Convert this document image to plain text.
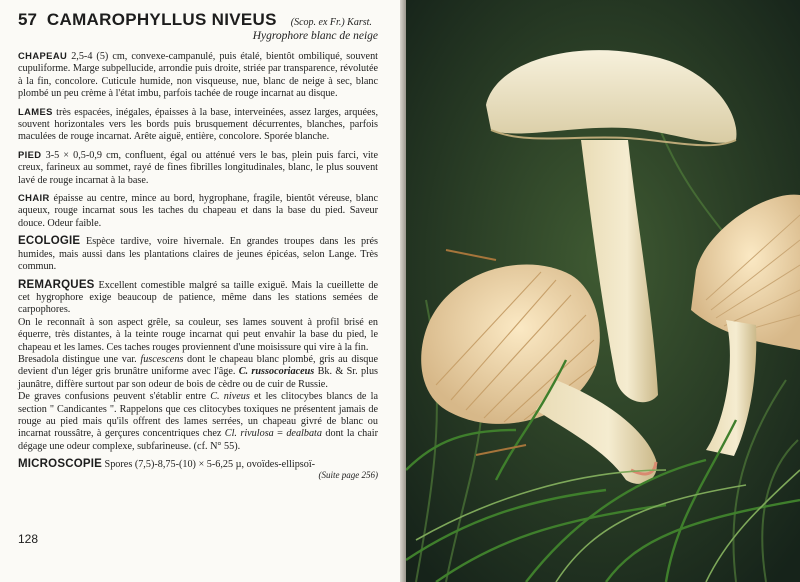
57 CAMAROPHYLLUS NIVEUS (Scop. ex Fr.) Karst.
Hygrophore blanc de neige

CHAPEAU 2,5-4 (5) cm, convexe-campanulé, puis étalé, bientôt ombiliqué, souvent cupuliforme. Marge subpellucide, arrondie puis droite, striée par transparence, révolutée à la fin, concolore. Cuticule humide, non visqueuse, nue, blanc de neige à sec, blanc plombé un peu crème à l'état imbu, parfois tachée de rouge incarnat au disque.

LAMES très espacées, inégales, épaisses à la base, interveinées, assez larges, arquées, souvent horizontales vers les bords puis brusquement décurrentes, blanches, parfois maculées de rouge incarnat. Arête aiguë, entière, concolore. Sporée blanche.

PIED 3-5 × 0,5-0,9 cm, confluent, égal ou atténué vers le bas, plein puis farci, vite creux, farineux au sommet, rayé de fines fibrilles longitudinales, blanc, le plus souvent lavé de rouge incarnat à la base.

CHAIR épaisse au centre, mince au bord, hygrophane, fragile, bientôt véreuse, blanc aqueux, rouge incarnat sous les taches du chapeau et dans la base du pied. Saveur douce. Odeur faible.

ECOLOGIE Espèce tardive, voire hivernale. En grandes troupes dans les prés humides, mais aussi dans les plantations claires de jeunes épicéas, selon Lange. Très commun.

REMARQUES Excellent comestible malgré sa taille exiguë. Mais la cueillette de cet hygrophore exige beaucoup de patience, même dans les stations semées de carpophores.

On le reconnaît à son aspect grêle, sa couleur, ses lames souvent à profil brisé en équerre, très distantes, à la teinte rouge incarnat qui peut envahir la base du pied, le chapeau et les lames. Ces taches rouges proviennent d'une moisissure qui vire à la fin.

Bresadola distingue une var. fuscescens dont le chapeau blanc plombé, gris au disque devient d'un léger gris brunâtre uniforme avec l'âge. C. russocoriaceus Bk. & Sr. plus jaunâtre, diffère surtout par son odeur de bois de cèdre ou de cuir de Russie.

De graves confusions peuvent s'établir entre C. niveus et les clitocybes blancs de la section " Candicantes ". Rappelons que ces clitocybes toxiques ne présentent jamais de rouge au pied mais qu'ils offrent des lames serrées, un chapeau givré de blanc ou incarnat roussâtre, à gerçures concentriques chez Cl. rivulosa = dealbata dont la chair dégage une odeur complexe, subfarineuse. (cf. N° 55).

MICROSCOPIE Spores (7,5)-8,75-(10) × 5-6,25 µ, ovoïdes-ellipsoï-

(Suite page 256)
128
